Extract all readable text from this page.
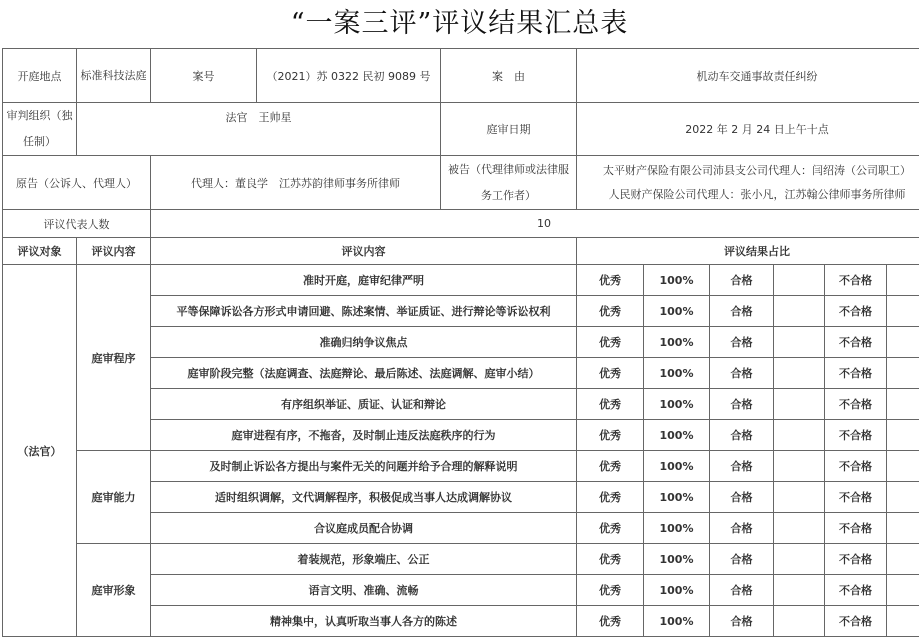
“一案三评”评议结果汇总表
开庭地点	标准科技法庭	案号	（2021）苏 0322 民初 9089 号	案　由	机动车交通事故责任纠纷					
审判组织（独任制）	法官　王帅星			庭审日期	2022 年 2 月 24 日上午十点					
原告（公诉人、代理人）		代理人：董良学　江苏苏韵律师事务所律师		被告（代理律师或法律服务工作者）	太平财产保险有限公司沛县支公司代理人：闫绍涛（公司职工）
人民财产保险公司代理人：张小凡，江苏翰公律师事务所律师					

评议代表人数		10								
评议对象	评议内容	评议内容			评议结果占比					
（法官）	庭审程序	准时开庭，庭审纪律严明			优秀	100%	合格		不合格	
		平等保障诉讼各方形式申请回避、陈述案情、举证质证、进行辩论等诉讼权利			优秀	100%	合格		不合格	
		准确归纳争议焦点			优秀	100%	合格		不合格	
		庭审阶段完整（法庭调查、法庭辩论、最后陈述、法庭调解、庭审小结）			优秀	100%	合格		不合格	
		有序组织举证、质证、认证和辩论			优秀	100%	合格		不合格	
		庭审进程有序，不拖沓，及时制止违反法庭秩序的行为			优秀	100%	合格		不合格	
	庭审能力	及时制止诉讼各方提出与案件无关的问题并给予合理的解释说明			优秀	100%	合格		不合格	
		适时组织调解，文代调解程序，积极促成当事人达成调解协议			优秀	100%	合格		不合格	
		合议庭成员配合协调			优秀	100%	合格		不合格	
	庭审形象	着装规范，形象端庄、公正			优秀	100%	合格		不合格	
		语言文明、准确、流畅			优秀	100%	合格		不合格	
		精神集中，认真听取当事人各方的陈述			优秀	100%	合格		不合格	
